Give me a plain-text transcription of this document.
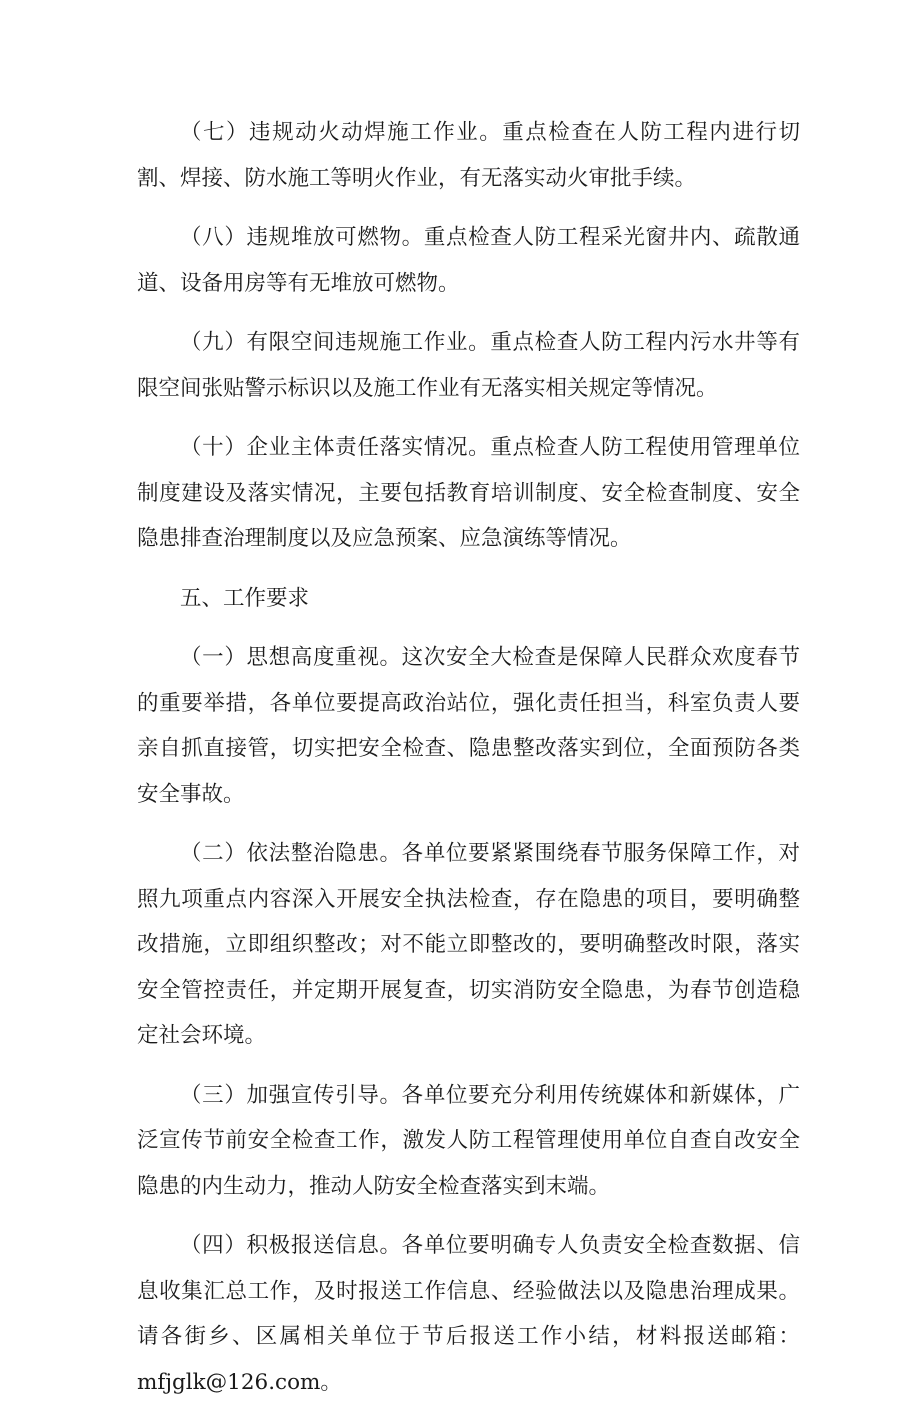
（七）违规动火动焊施工作业。重点检查在人防工程内进行切割、焊接、防水施工等明火作业，有无落实动火审批手续。

（八）违规堆放可燃物。重点检查人防工程采光窗井内、疏散通道、设备用房等有无堆放可燃物。

（九）有限空间违规施工作业。重点检查人防工程内污水井等有限空间张贴警示标识以及施工作业有无落实相关规定等情况。

（十）企业主体责任落实情况。重点检查人防工程使用管理单位制度建设及落实情况，主要包括教育培训制度、安全检查制度、安全隐患排查治理制度以及应急预案、应急演练等情况。

五、工作要求

（一）思想高度重视。这次安全大检查是保障人民群众欢度春节的重要举措，各单位要提高政治站位，强化责任担当，科室负责人要亲自抓直接管，切实把安全检查、隐患整改落实到位，全面预防各类安全事故。

（二）依法整治隐患。各单位要紧紧围绕春节服务保障工作，对照九项重点内容深入开展安全执法检查，存在隐患的项目，要明确整改措施，立即组织整改；对不能立即整改的，要明确整改时限，落实安全管控责任，并定期开展复查，切实消防安全隐患，为春节创造稳定社会环境。

（三）加强宣传引导。各单位要充分利用传统媒体和新媒体，广泛宣传节前安全检查工作，激发人防工程管理使用单位自查自改安全隐患的内生动力，推动人防安全检查落实到末端。

（四）积极报送信息。各单位要明确专人负责安全检查数据、信息收集汇总工作，及时报送工作信息、经验做法以及隐患治理成果。请各街乡、区属相关单位于节后报送工作小结，材料报送邮箱：mfjglk@126.com。
